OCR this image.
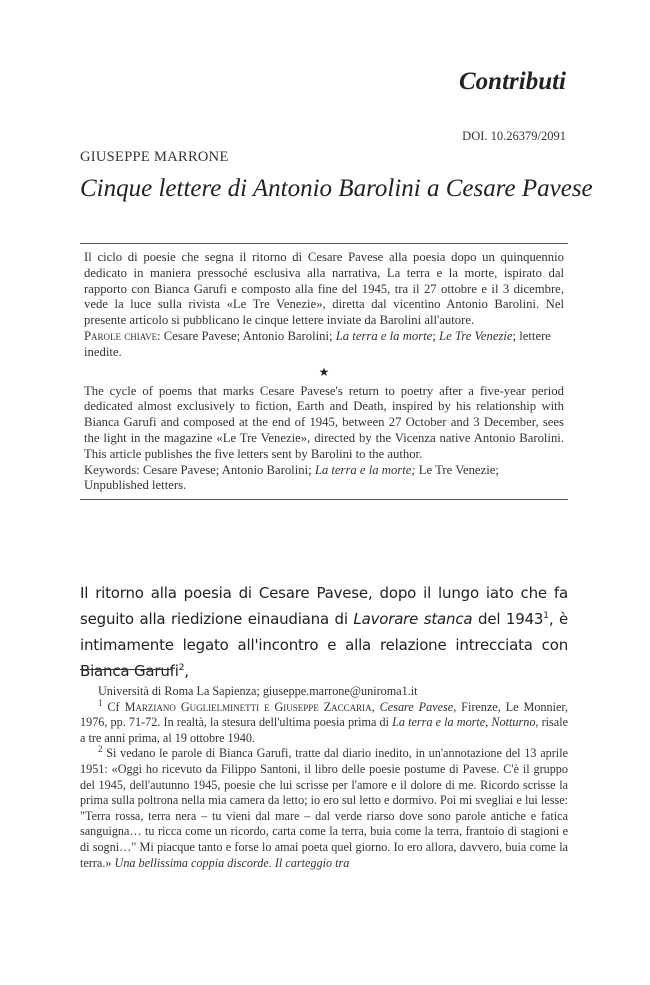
Contributi
DOI. 10.26379/2091
GIUSEPPE MARRONE
Cinque lettere di Antonio Barolini a Cesare Pavese

Il ciclo di poesie che segna il ritorno di Cesare Pavese alla poesia dopo un quinquennio dedicato in maniera pressoché esclusiva alla narrativa, La terra e la morte, ispirato dal rapporto con Bianca Garufi e composto alla fine del 1945, tra il 27 ottobre e il 3 dicembre, vede la luce sulla rivista «Le Tre Venezie», diretta dal vicentino Antonio Barolini. Nel presente articolo si pubblicano le cinque lettere inviate da Barolini all'autore.

Parole chiave: Cesare Pavese; Antonio Barolini; La terra e la morte; Le Tre Venezie; lettere inedite.

★

The cycle of poems that marks Cesare Pavese's return to poetry after a five-year period dedicated almost exclusively to fiction, Earth and Death, inspired by his relationship with Bianca Garufi and composed at the end of 1945, between 27 October and 3 December, sees the light in the magazine «Le Tre Venezie», directed by the Vicenza native Antonio Barolini. This article publishes the five letters sent by Barolini to the author.

Keywords: Cesare Pavese; Antonio Barolini; La terra e la morte; Le Tre Venezie; Unpublished letters.

Il ritorno alla poesia di Cesare Pavese, dopo il lungo iato che fa seguito alla riedizione einaudiana di Lavorare stanca del 1943$^1$, è intimamente legato all'incontro e alla relazione intrecciata con Bianca Garufi$^2$,

Università di Roma La Sapienza; giuseppe.marrone@uniroma1.it

$^1$ Cf Marziano Guglielminetti e Giuseppe Zaccaria, Cesare Pavese, Firenze, Le Monnier, 1976, pp. 71-72. In realtà, la stesura dell'ultima poesia prima di La terra e la morte, Notturno, risale a tre anni prima, al 19 ottobre 1940.

$^2$ Si vedano le parole di Bianca Garufi, tratte dal diario inedito, in un'annotazione del 13 aprile 1951: «Oggi ho ricevuto da Filippo Santoni, il libro delle poesie postume di Pavese. C'è il gruppo del 1945, dell'autunno 1945, poesie che lui scrisse per l'amore e il dolore di me. Ricordo scrisse la prima sulla poltrona nella mia camera da letto; io ero sul letto e dormivo. Poi mi svegliai e lui lesse: "Terra rossa, terra nera – tu vieni dal mare – dal verde riarso dove sono parole antiche e fatica sanguigna… tu ricca come un ricordo, carta come la terra, buia come la terra, frantoio di stagioni e di sogni…" Mi piacque tanto e forse lo amai poeta quel giorno. Io ero allora, davvero, buia come la terra.» Una bellissima coppia discorde. Il carteggio tra
